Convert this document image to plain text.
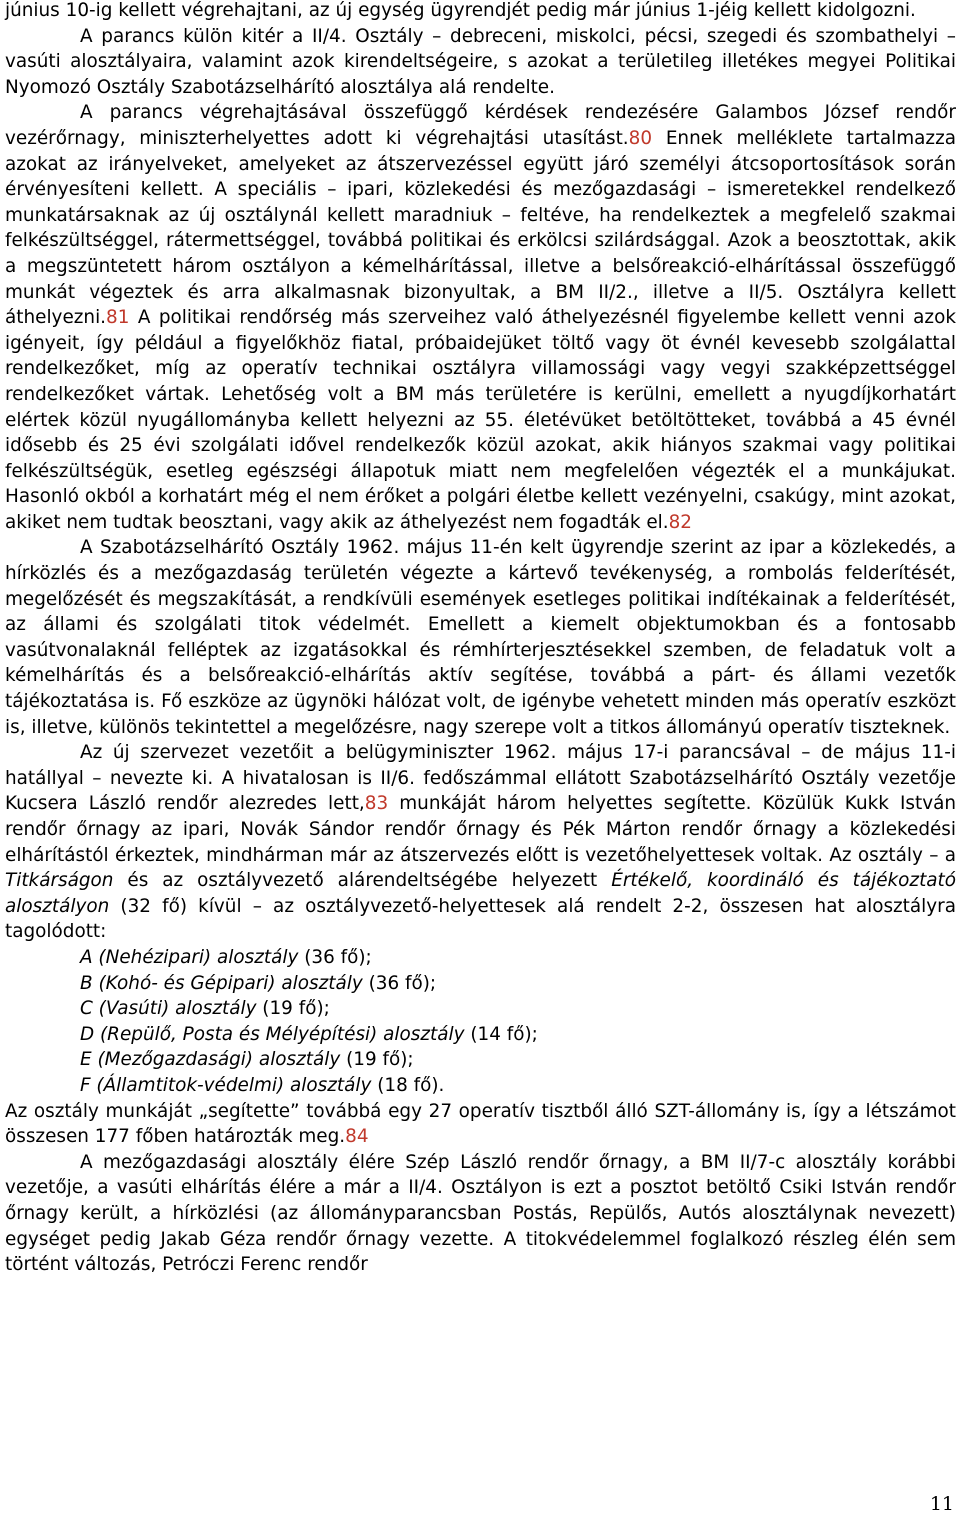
június 10-ig kellett végrehajtani, az új egység ügyrendjét pedig már június 1-jéig kellett kidolgozni.

A parancs külön kitér a II/4. Osztály – debreceni, miskolci, pécsi, szegedi és szombathelyi – vasúti alosztályaira, valamint azok kirendeltségeire, s azokat a területileg illetékes megyei Politikai Nyomozó Osztály Szabotázselhárító alosztálya alá rendelte.

A parancs végrehajtásával összefüggő kérdések rendezésére Galambos József rendőr vezérőrnagy, miniszterhelyettes adott ki végrehajtási utasítást.80 Ennek melléklete tartalmazza azokat az irányelveket, amelyeket az átszervezéssel együtt járó személyi átcsoportosítások során érvényesíteni kellett. A speciális – ipari, közlekedési és mezőgazdasági – ismeretekkel rendelkező munkatársaknak az új osztálynál kellett maradniuk – feltéve, ha rendelkeztek a megfelelő szakmai felkészültséggel, rátermettséggel, továbbá politikai és erkölcsi szilárdsággal. Azok a beosztottak, akik a megszüntetett három osztályon a kémelhárítással, illetve a belsőreakció-elhárítással összefüggő munkát végeztek és arra alkalmasnak bizonyultak, a BM II/2., illetve a II/5. Osztályra kellett áthelyezni.81 A politikai rendőrség más szerveihez való áthelyezésnél figyelembe kellett venni azok igényeit, így például a figyelőkhöz fiatal, próbaidejüket töltő vagy öt évnél kevesebb szolgálattal rendelkezőket, míg az operatív technikai osztályra villamossági vagy vegyi szakképzettséggel rendelkezőket vártak. Lehetőség volt a BM más területére is kerülni, emellett a nyugdíjkorhatárt elértek közül nyugállományba kellett helyezni az 55. életévüket betöltötteket, továbbá a 45 évnél idősebb és 25 évi szolgálati idővel rendelkezők közül azokat, akik hiányos szakmai vagy politikai felkészültségük, esetleg egészségi állapotuk miatt nem megfelelően végezték el a munkájukat. Hasonló okból a korhatárt még el nem érőket a polgári életbe kellett vezényelni, csakúgy, mint azokat, akiket nem tudtak beosztani, vagy akik az áthelyezést nem fogadták el.82

A Szabotázselhárító Osztály 1962. május 11-én kelt ügyrendje szerint az ipar a közlekedés, a hírközlés és a mezőgazdaság területén végezte a kártevő tevékenység, a rombolás felderítését, megelőzését és megszakítását, a rendkívüli események esetleges politikai indítékainak a felderítését, az állami és szolgálati titok védelmét. Emellett a kiemelt objektumokban és a fontosabb vasútvonalaknál felléptek az izgatásokkal és rémhírterjesztésekkel szemben, de feladatuk volt a kémelhárítás és a belsőreakció-elhárítás aktív segítése, továbbá a párt- és állami vezetők tájékoztatása is. Fő eszköze az ügynöki hálózat volt, de igénybe vehetett minden más operatív eszközt is, illetve, különös tekintettel a megelőzésre, nagy szerepe volt a titkos állományú operatív tiszteknek.

Az új szervezet vezetőit a belügyminiszter 1962. május 17-i parancsával – de május 11-i hatállyal – nevezte ki. A hivatalosan is II/6. fedőszámmal ellátott Szabotázselhárító Osztály vezetője Kucsera László rendőr alezredes lett,83 munkáját három helyettes segítette. Közülük Kukk István rendőr őrnagy az ipari, Novák Sándor rendőr őrnagy és Pék Márton rendőr őrnagy a közlekedési elhárítástól érkeztek, mindhárman már az átszervezés előtt is vezetőhelyettesek voltak. Az osztály – a Titkárságon és az osztályvezető alárendeltségébe helyezett Értékelő, koordináló és tájékoztató alosztályon (32 fő) kívül – az osztályvezető-helyettesek alá rendelt 2-2, összesen hat alosztályra tagolódott:

A (Nehézipari) alosztály (36 fő);
B (Kohó- és Gépipari) alosztály (36 fő);
C (Vasúti) alosztály (19 fő);
D (Repülő, Posta és Mélyépítési) alosztály (14 fő);
E (Mezőgazdasági) alosztály (19 fő);
F (Államtitok-védelmi) alosztály (18 fő).

Az osztály munkáját „segítette” továbbá egy 27 operatív tisztből álló SZT-állomány is, így a létszámot összesen 177 főben határozták meg.84

A mezőgazdasági alosztály élére Szép László rendőr őrnagy, a BM II/7-c alosztály korábbi vezetője, a vasúti elhárítás élére a már a II/4. Osztályon is ezt a posztot betöltő Csiki István rendőr őrnagy került, a hírközlési (az állományparancsban Postás, Repülős, Autós alosztálynak nevezett) egységet pedig Jakab Géza rendőr őrnagy vezette. A titokvédelemmel foglalkozó részleg élén sem történt változás, Petróczi Ferenc rendőr

11
